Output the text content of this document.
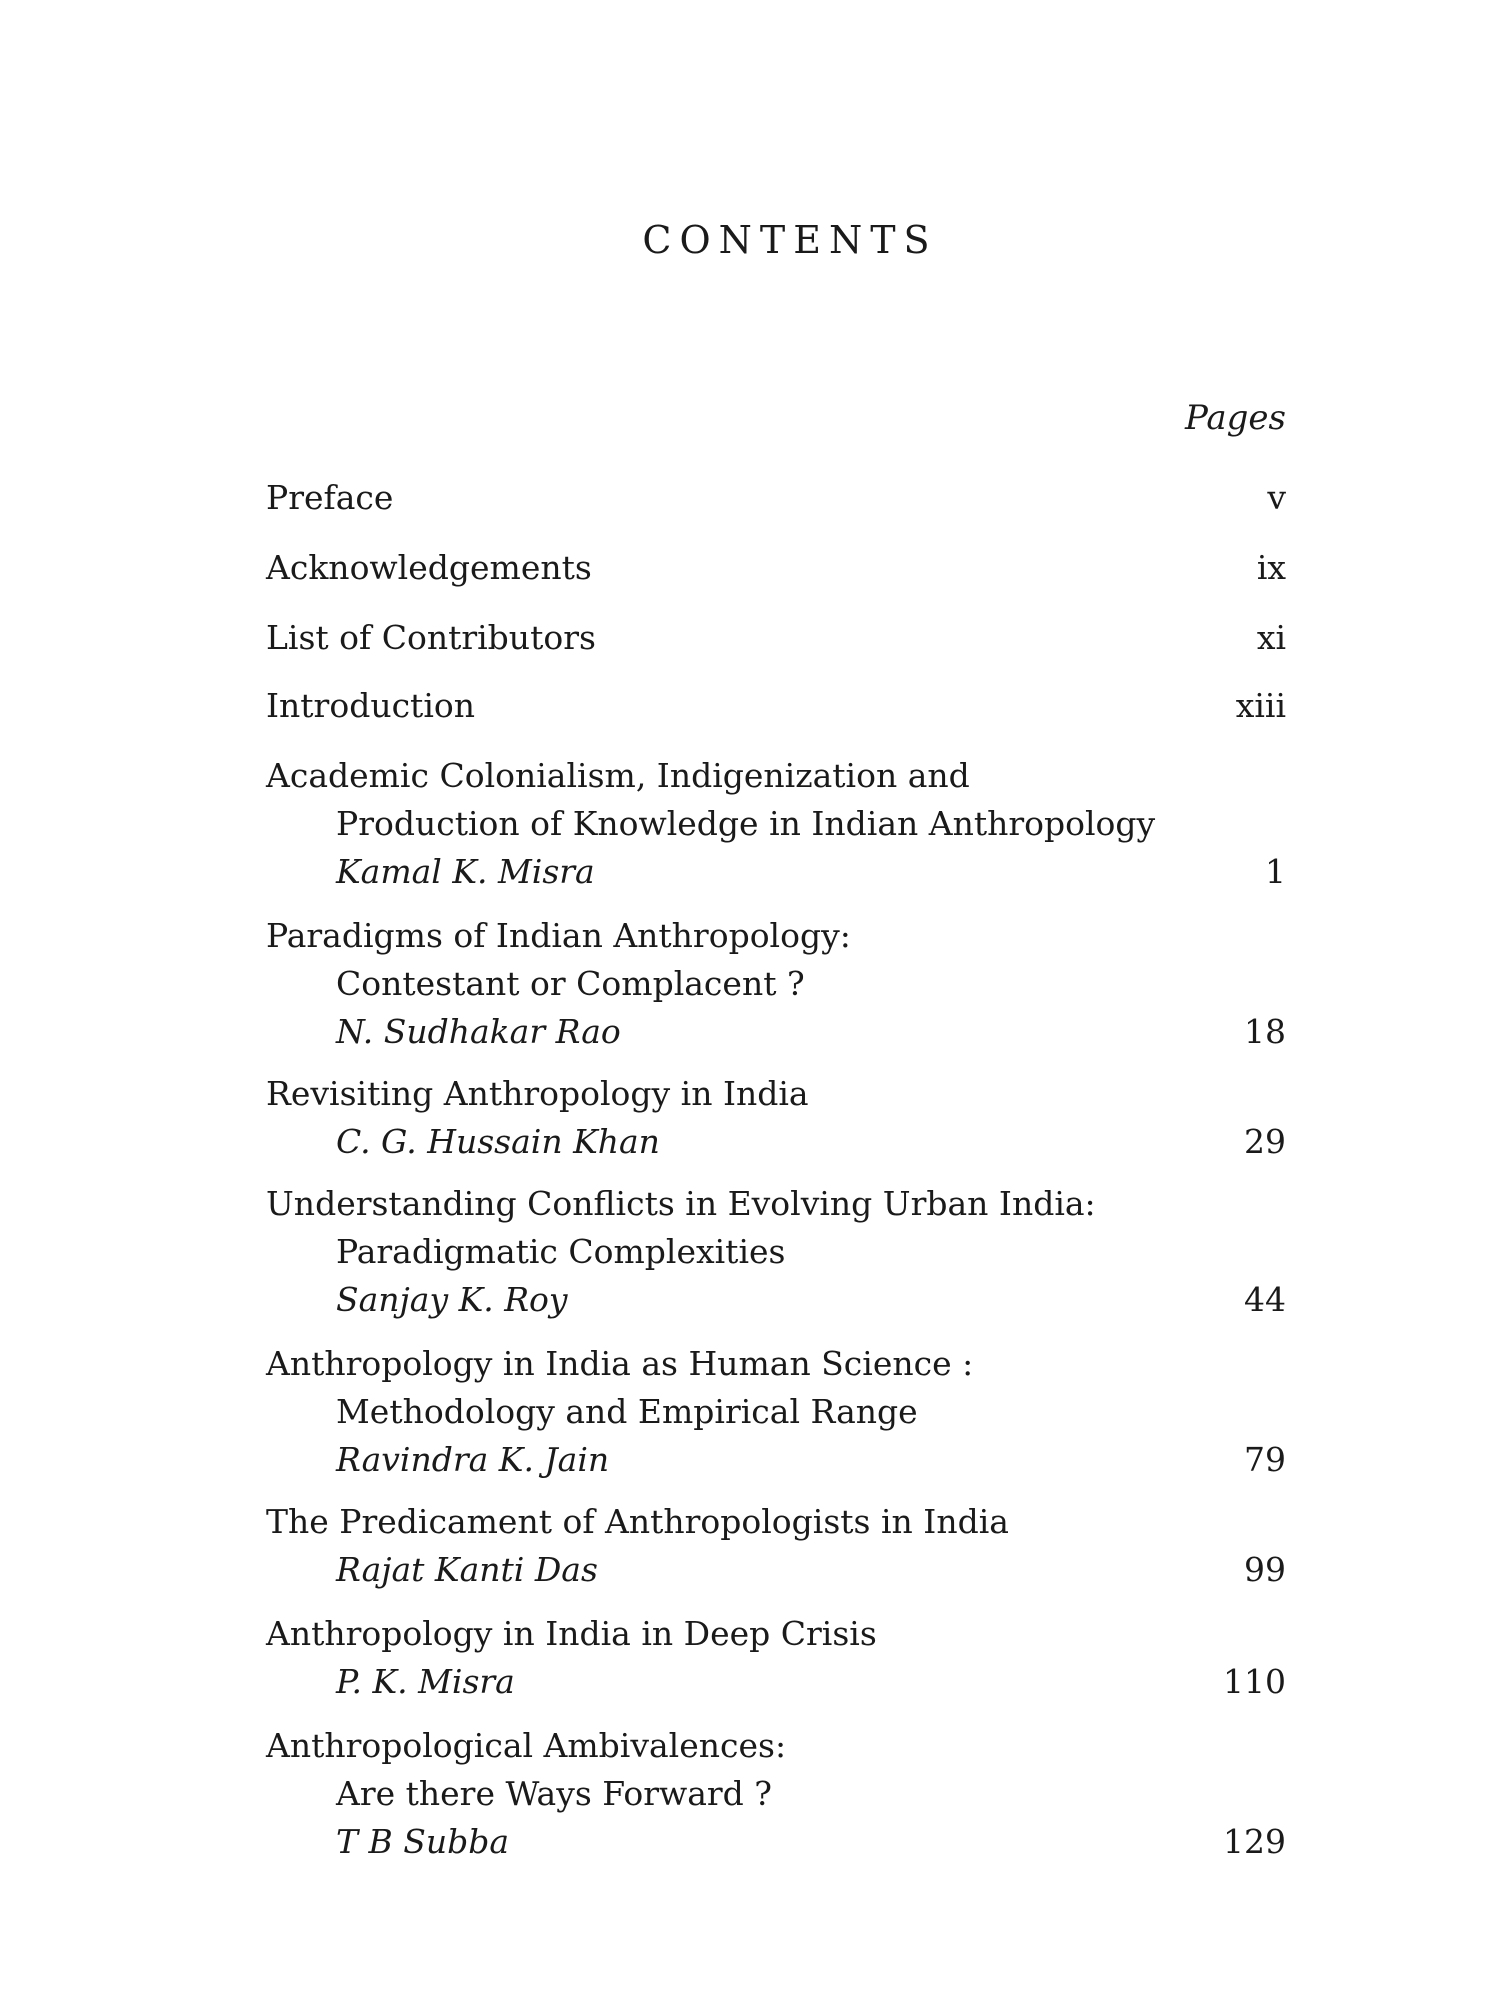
CONTENTS
Pages
Preface	v
Acknowledgements	ix
List of Contributors	xi
Introduction	xiii
Academic Colonialism, Indigenization and
Production of Knowledge in Indian Anthropology
Kamal K. Misra	1
Paradigms of Indian Anthropology:
Contestant or Complacent ?
N. Sudhakar Rao	18
Revisiting Anthropology in India
C. G. Hussain Khan	29
Understanding Conflicts in Evolving Urban India:
Paradigmatic Complexities
Sanjay K. Roy	44
Anthropology in India as Human Science :
Methodology and Empirical Range
Ravindra K. Jain	79
The Predicament of Anthropologists in India
Rajat Kanti Das	99
Anthropology in India in Deep Crisis
P. K. Misra	110
Anthropological Ambivalences:
Are there Ways Forward ?
T B Subba	129
